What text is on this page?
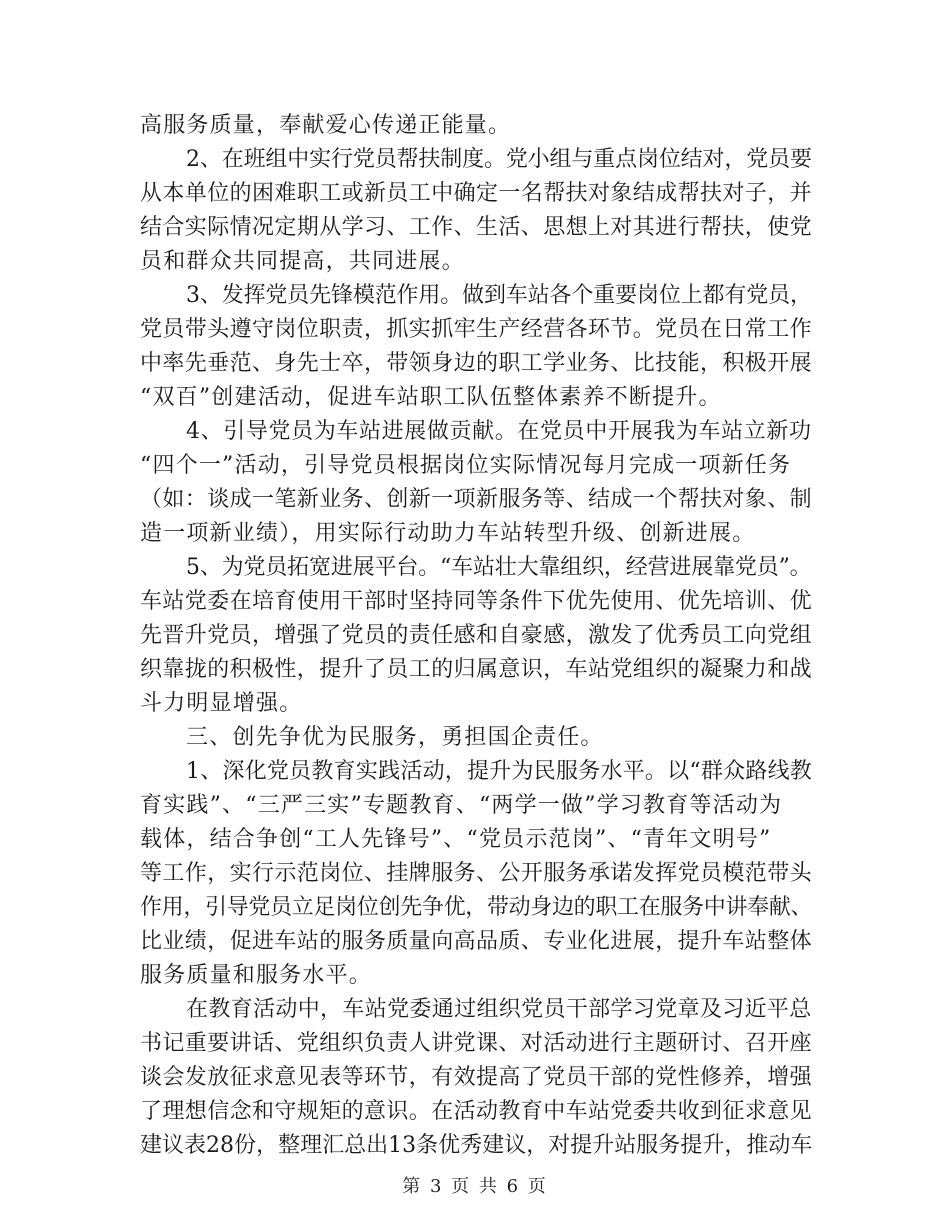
高服务质量，奉献爱心传递正能量。
2、在班组中实行党员帮扶制度。党小组与重点岗位结对，党员要
从本单位的困难职工或新员工中确定一名帮扶对象结成帮扶对子，并
结合实际情况定期从学习、工作、生活、思想上对其进行帮扶，使党
员和群众共同提高，共同进展。
3、发挥党员先锋模范作用。做到车站各个重要岗位上都有党员，
党员带头遵守岗位职责，抓实抓牢生产经营各环节。党员在日常工作
中率先垂范、身先士卒，带领身边的职工学业务、比技能，积极开展
“双百”创建活动，促进车站职工队伍整体素养不断提升。
4、引导党员为车站进展做贡献。在党员中开展我为车站立新功
“四个一”活动，引导党员根据岗位实际情况每月完成一项新任务
（如：谈成一笔新业务、创新一项新服务等、结成一个帮扶对象、制
造一项新业绩），用实际行动助力车站转型升级、创新进展。
5、为党员拓宽进展平台。“车站壮大靠组织，经营进展靠党员”。
车站党委在培育使用干部时坚持同等条件下优先使用、优先培训、优
先晋升党员，增强了党员的责任感和自豪感，激发了优秀员工向党组
织靠拢的积极性，提升了员工的归属意识，车站党组织的凝聚力和战
斗力明显增强。
三、创先争优为民服务，勇担国企责任。
1、深化党员教育实践活动，提升为民服务水平。以“群众路线教
育实践”、“三严三实”专题教育、“两学一做”学习教育等活动为
载体，结合争创“工人先锋号”、“党员示范岗”、“青年文明号”
等工作，实行示范岗位、挂牌服务、公开服务承诺发挥党员模范带头
作用，引导党员立足岗位创先争优，带动身边的职工在服务中讲奉献、
比业绩，促进车站的服务质量向高品质、专业化进展，提升车站整体
服务质量和服务水平。
在教育活动中，车站党委通过组织党员干部学习党章及习近平总
书记重要讲话、党组织负责人讲党课、对活动进行主题研讨、召开座
谈会发放征求意见表等环节，有效提高了党员干部的党性修养，增强
了理想信念和守规矩的意识。在活动教育中车站党委共收到征求意见
第 3 页 共 6 页
建议表28份，整理汇总出13条优秀建议，对提升站服务提升，推动车
